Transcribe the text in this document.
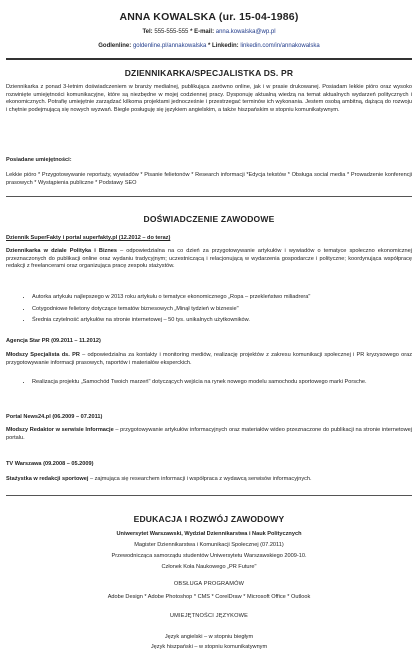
ANNA KOWALSKA (ur. 15-04-1986)
Tel: 555-555-555 * E-mail: anna.kowalska@wp.pl
Godlenline: goldenline.pl/annakowalska * Linkedin: linkedin.com/in/annakowalska
DZIENNIKARKA/SPECJALISTKA DS. PR
Dziennikarka z ponad 3-letnim doświadczeniem w branży medialnej, publikująca zarówno online, jak i w prasie drukowanej. Posiadam lekkie pióro oraz wysoko rozwinięte umiejętności komunikacyjne, które są niezbędne w mojej codziennej pracy. Dysponuję aktualną wiedzą na temat aktualnych wydarzeń politycznych i ekonomicznych. Potrafię umiejętnie zarządzać kilkoma projektami jednocześnie i przestrzegać terminów ich wykonania. Jestem osobą ambitną, dążącą do rozwoju i chętnie podejmującą się nowych wyzwań. Biegle posługuję się językiem angielskim, a także hiszpańskim w stopniu komunikatywnym.
Posiadane umiejętności:
Lekkie pióro * Przygotowywanie reportaży, wywiadów * Pisanie felietonów * Research informacji *Edycja tekstów * Obsługa social media * Prowadzenie konferencji prasowych * Wystąpienia publiczne * Podstawy SEO
DOŚWIADCZENIE ZAWODOWE
Dziennik SuperFakty i portal superfakty.pl (12.2012 – do teraz)
Dziennikarka w dziale Polityka i Biznes – odpowiedzialna na co dzień za przygotowywanie artykułów i wywiadów o tematyce społeczno ekonomicznej przeznaczonych do publikacji online oraz wydaniu tradycyjnym; uczestniczącą i relacjonującą w wydarzenia gospodarcze i polityczne; koordynująca współpracę redakcji z freelancerami oraz organizująca pracę zespołu stażystów.
• Autorka artykułu najlepszego w 2013 roku artykułu o tematyce ekonomicznego „Ropa – przekleństwo miliadrera"
• Cotygodniowe felietony dotyczące tematów biznesowych „Minął tydzień w biznesie"
• Średnia czytelność artykułów na stronie internetowej – 50 tys. unikalnych użytkowników.
Agencja Star PR (09.2011 – 11.2012)
Młodszy Specjalista ds. PR – odpowiedzialna za kontakty i monitoring mediów, realizację projektów z zakresu komunikacji społecznej i PR kryzysowego oraz przygotowywanie informacji prasowych, raportów i materiałów eksperckich.
• Realizacja projektu „Samochód Twoich marzeń" dotyczących wejścia na rynek nowego modelu samochodu sportowego marki Porsche.
Portal News24.pl (06.2009 – 07.2011)
Młodszy Redaktor w serwisie Informacje – przygotowywanie artykułów informacyjnych oraz materiałów wideo przeznaczone do publikacji na stronie internetowej portalu.
TV Warszawa (09.2008 – 05.2009)
Stażystka w redakcji sportowej – zajmująca się researchem informacji i współpraca z wydawcą serwisów informacyjnych.
EDUKACJA I ROZWÓJ ZAWODOWY
Uniwersytet Warszawski, Wydział Dziennikarstwa i Nauk Politycznych
Magister Dziennikarstwa i Komunikacji Społecznej (07.2011)
Przewodnicząca samorządu studentów Uniwersytetu Warszawskiego 2009-10.
Członek Koła Naukowego „PR Future"
OBSŁUGA PROGRAMÓW
Adobe Design * Adobe Photoshop * CMS * CorelDraw * Microsoft Office * Outlook
UMIEJĘTNOŚCI JĘZYKOWE
Język angielski – w stopniu biegłym
Język hiszpański – w stopniu komunikatywnym
